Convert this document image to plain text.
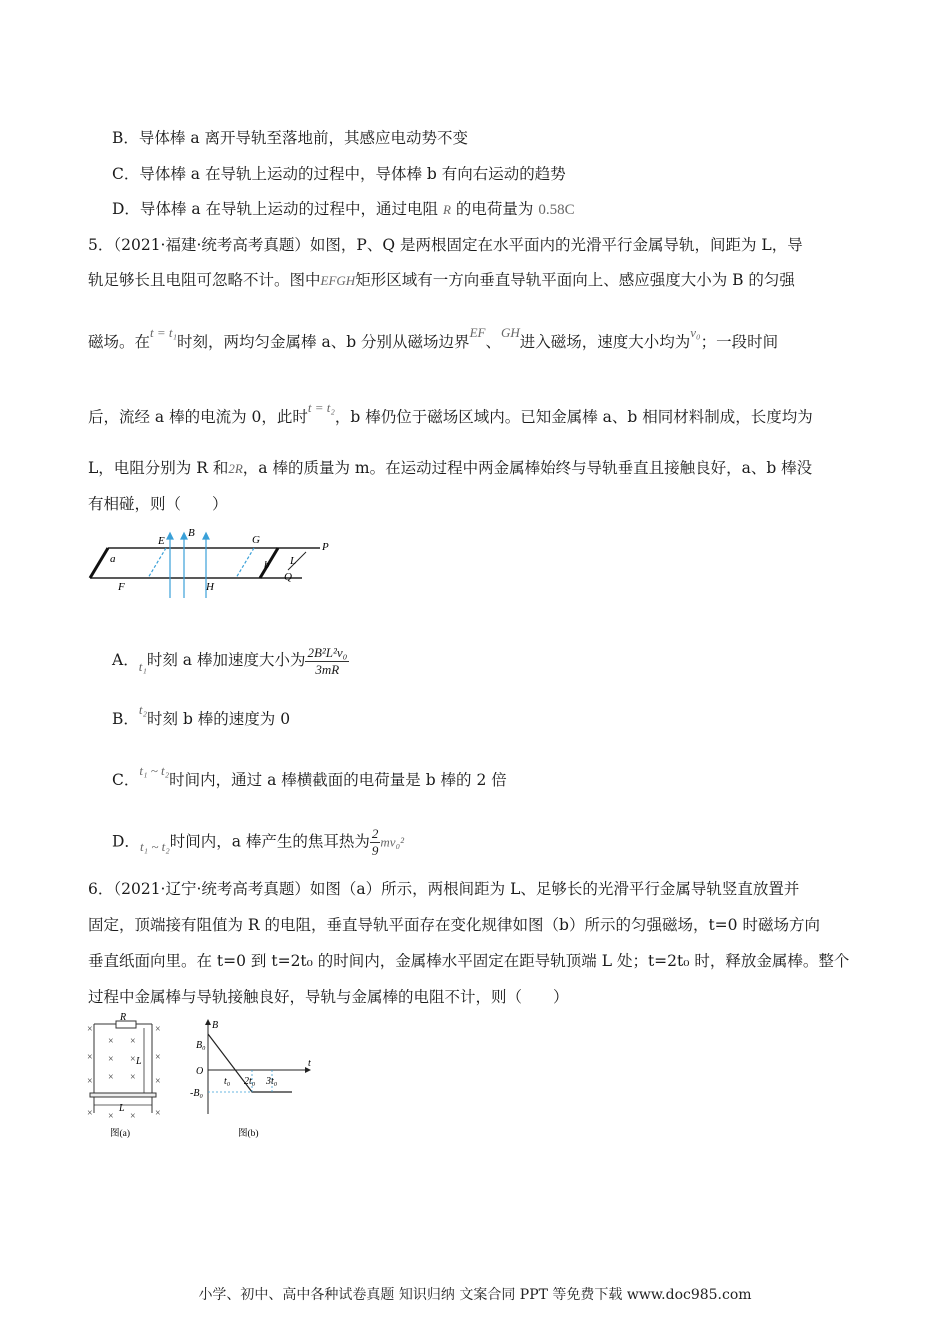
B．导体棒 a 离开导轨至落地前，其感应电动势不变
C．导体棒 a 在导轨上运动的过程中，导体棒 b 有向右运动的趋势
D．导体棒 a 在导轨上运动的过程中，通过电阻 R 的电荷量为 0.58C
5．（2021·福建·统考高考真题）如图，P、Q 是两根固定在水平面内的光滑平行金属导轨，间距为 L，导
轨足够长且电阻可忽略不计。图中EFGH矩形区域有一方向垂直导轨平面向上、感应强度大小为 B 的匀强
磁场。在$^{t = t_1}$时刻，两均匀金属棒 a、b 分别从磁场边界$^{EF}$、$^{GH}$进入磁场，速度大小均为$^{v_0}$；一段时间
后，流经 a 棒的电流为 0，此时$^{t = t_2}$，b 棒仍位于磁场区域内。已知金属棒 a、b 相同材料制成，长度均为
L，电阻分别为 R 和2R，a 棒的质量为 m。在运动过程中两金属棒始终与导轨垂直且接触良好，a、b 棒没
有相碰，则（　　）
a	b
E
F
G
H
B
L
P
Q
A．$_{t_1}$时刻 a 棒加速度大小为 $\frac{\text{2B²L²v₀}}{3mR}$
B．$^{t_2}$时刻 b 棒的速度为 0
C．$^{t_1 \sim t_2}$时间内，通过 a 棒横截面的电荷量是 b 棒的 2 倍
D．$_{t_1 \sim t_2}$时间内，a 棒产生的焦耳热为 $\frac{2}{9} mv_0^2$
6．（2021·辽宁·统考高考真题）如图（a）所示，两根间距为 L、足够长的光滑平行金属导轨竖直放置并
固定，顶端接有阻值为 R 的电阻，垂直导轨平面存在变化规律如图（b）所示的匀强磁场，t=0 时磁场方向
垂直纸面向里。在 t=0 到 t=2t₀ 的时间内，金属棒水平固定在距导轨顶端 L 处；t=2t₀ 时，释放金属棒。整个
过程中金属棒与导轨接触良好，导轨与金属棒的电阻不计，则（　　）
×
×
×
×
× ×
× ×
× ×
× ×
×
×
×
×
R
L
L
图(a)
B₀
B
O
t₀ 2t₀ 3t₀
t
-B₀
图(b)
小学、初中、高中各种试卷真题 知识归纳 文案合同 PPT 等免费下载 www.doc985.com
